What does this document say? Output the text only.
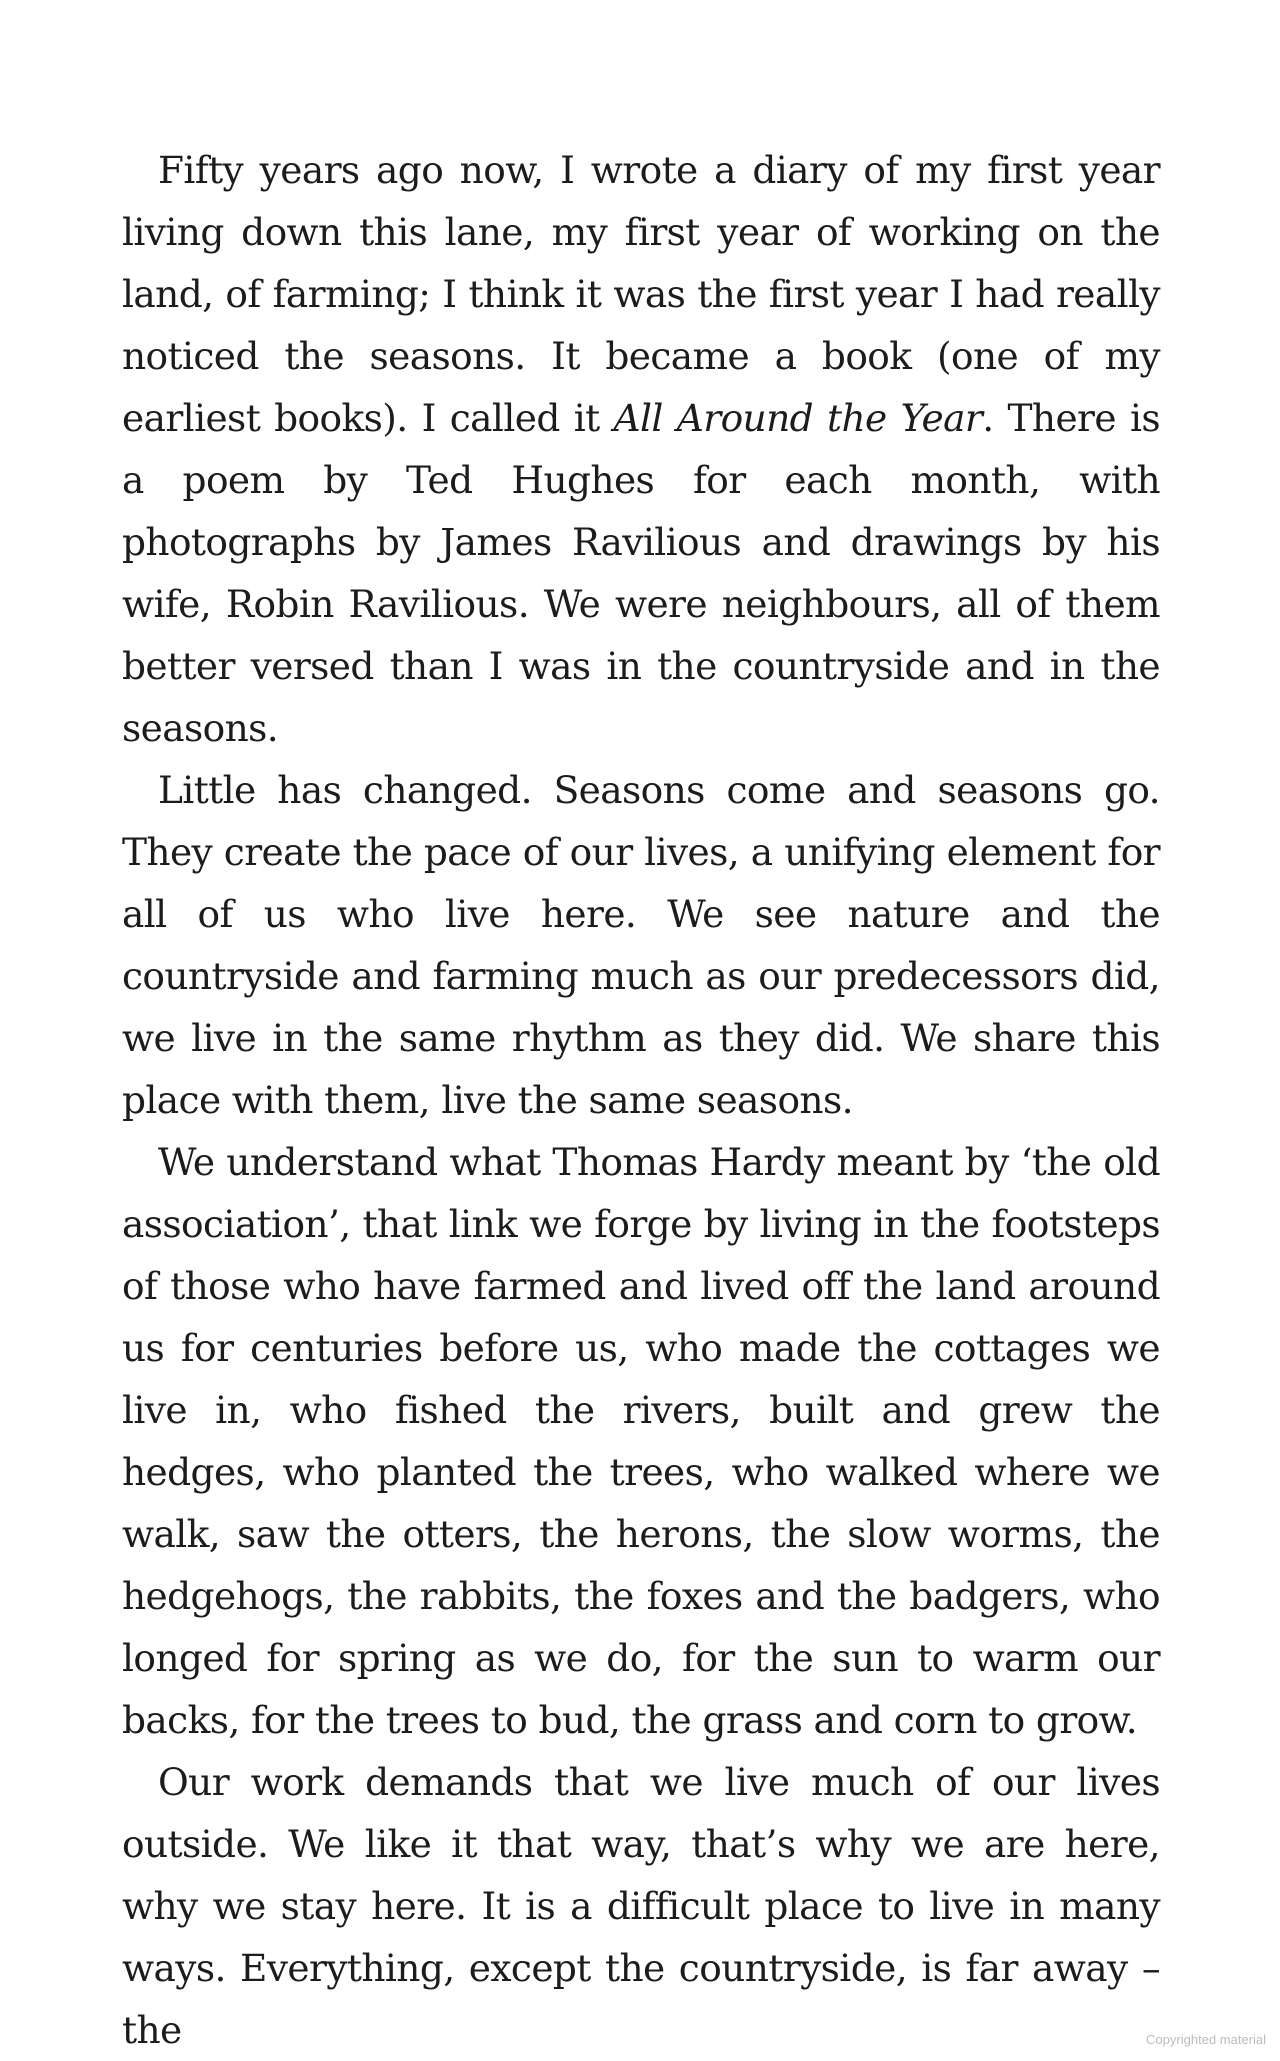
Fifty years ago now, I wrote a diary of my first year living down this lane, my first year of working on the land, of farming; I think it was the first year I had really noticed the seasons. It became a book (one of my earliest books). I called it All Around the Year. There is a poem by Ted Hughes for each month, with photographs by James Ravilious and drawings by his wife, Robin Ravilious. We were neighbours, all of them better versed than I was in the countryside and in the seasons.

Little has changed. Seasons come and seasons go. They create the pace of our lives, a unifying element for all of us who live here. We see nature and the countryside and farming much as our predecessors did, we live in the same rhythm as they did. We share this place with them, live the same seasons.

We understand what Thomas Hardy meant by ‘the old association’, that link we forge by living in the footsteps of those who have farmed and lived off the land around us for centuries before us, who made the cottages we live in, who fished the rivers, built and grew the hedges, who planted the trees, who walked where we walk, saw the otters, the herons, the slow worms, the hedgehogs, the rabbits, the foxes and the badgers, who longed for spring as we do, for the sun to warm our backs, for the trees to bud, the grass and corn to grow.

Our work demands that we live much of our lives outside. We like it that way, that’s why we are here, why we stay here. It is a difficult place to live in many ways. Everything, except the countryside, is far away – the	Copyrighted material
